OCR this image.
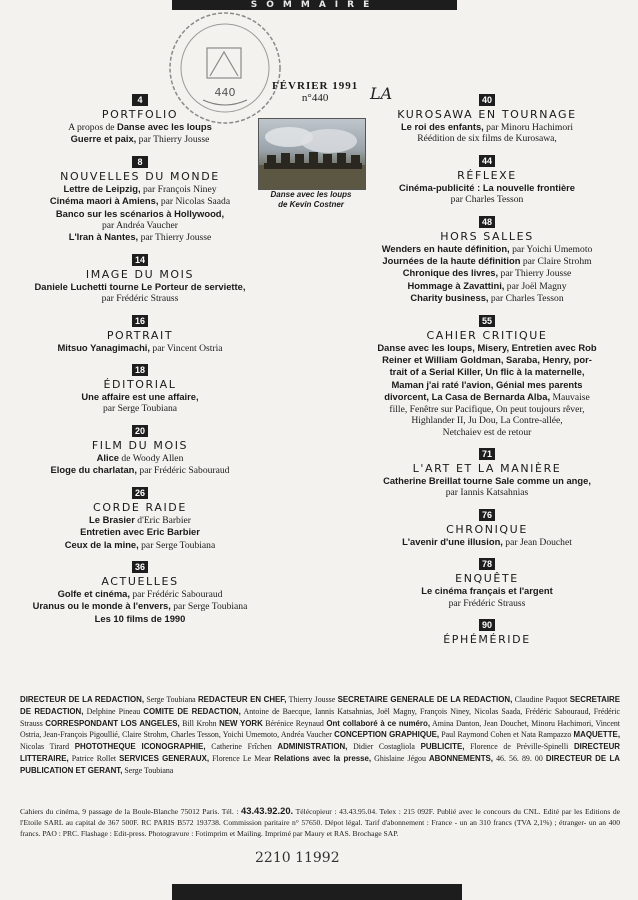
SOMMAIRE
440	FÉVRIER 1991
n°440	LA
Danse avec les loups
de Kevin Costner
4
PORTFOLIO
A propos de Danse avec les loups
Guerre et paix, par Thierry Jousse
8
NOUVELLES DU MONDE
Lettre de Leipzig, par François Niney
Cinéma maori à Amiens, par Nicolas Saada
Banco sur les scénarios à Hollywood,
par Andréa Vaucher
L'Iran à Nantes, par Thierry Jousse
14
IMAGE DU MOIS
Daniele Luchetti tourne Le Porteur de serviette,
par Frédéric Strauss
16
PORTRAIT
Mitsuo Yanagimachi, par Vincent Ostria
18
ÉDITORIAL
Une affaire est une affaire,
par Serge Toubiana
20
FILM DU MOIS
Alice de Woody Allen
Eloge du charlatan, par Frédéric Sabouraud
26
CORDE RAIDE
Le Brasier d'Eric Barbier
Entretien avec Eric Barbier
Ceux de la mine, par Serge Toubiana
36
ACTUELLES
Golfe et cinéma, par Frédéric Sabouraud
Uranus ou le monde à l'envers, par Serge Toubiana
Les 10 films de 1990
40
KUROSAWA EN TOURNAGE
Le roi des enfants, par Minoru Hachimori
Réédition de six films de Kurosawa,
44
RÉFLEXE
Cinéma-publicité : La nouvelle frontière
par Charles Tesson
48
HORS SALLES
Wenders en haute définition, par Yoichi Umemoto
Journées de la haute définition par Claire Strohm
Chronique des livres, par Thierry Jousse
Hommage à Zavattini, par Joël Magny
Charity business, par Charles Tesson
55
CAHIER CRITIQUE
Danse avec les loups, Misery, Entretien avec Rob
Reiner et William Goldman, Saraba, Henry, por-
trait of a Serial Killer, Un flic à la maternelle,
Maman j'ai raté l'avion, Génial mes parents
divorcent, La Casa de Bernarda Alba, Mauvaise
fille, Fenêtre sur Pacifique, On peut toujours rêver,
Highlander II, Ju Dou, La Contre-allée,
Netchaiev est de retour
71
L'ART ET LA MANIÈRE
Catherine Breillat tourne Sale comme un ange,
par Iannis Katsahnias
76
CHRONIQUE
L'avenir d'une illusion, par Jean Douchet
78
ENQUÊTE
Le cinéma français et l'argent
par Frédéric Strauss
90
ÉPHÉMÉRIDE
DIRECTEUR DE LA REDACTION, Serge Toubiana REDACTEUR EN CHEF, Thierry Jousse SECRETAIRE GENERALE DE LA REDACTION, Claudine Paquot SECRETAIRE DE REDACTION, Delphine Pineau COMITE DE REDACTION, Antoine de Baecque, Iannis Katsahnias, Joël Magny, François Niney, Nicolas Saada, Frédéric Sabouraud, Frédéric Strauss CORRESPONDANT LOS ANGELES, Bill Krohn NEW YORK Bérénice Reynaud Ont collaboré à ce numéro, Amina Danton, Jean Douchet, Minoru Hachimori, Vincent Ostria, Jean-François Pigoullié, Claire Strohm, Charles Tesson, Yoichi Umemoto, Andréa Vaucher CONCEPTION GRAPHIQUE, Paul Raymond Cohen et Nata Rampazzo MAQUETTE, Nicolas Tirard PHOTOTHEQUE ICONOGRAPHIE, Catherine Frîchen ADMINISTRATION, Didier Costagliola PUBLICITE, Florence de Préville-Spinelli DIRECTEUR LITTERAIRE, Patrice Rollet SERVICES GENERAUX, Florence Le Mear Relations avec la presse, Ghislaine Jégou ABONNEMENTS, 46. 56. 89. 00 DIRECTEUR DE LA PUBLICATION ET GERANT, Serge Toubiana
Cahiers du cinéma, 9 passage de la Boule-Blanche 75012 Paris. Tél. : 43.43.92.20. Télécopieur : 43.43.95.04. Telex : 215 092F. Publié avec le concours du CNL. Edité par les Editions de l'Etoile SARL au capital de 367 500F. RC PARIS B572 193738. Commission paritaire n° 57650. Dépot légal. Tarif d'abonnement : France - un an 310 francs (TVA 2,1%) ; étranger- un an 400 francs. PAO : PRC. Flashage : Edit-press. Photogravure : Fotimprim et Mailing. Imprimé par Maury et RAS. Brochage SAP.
2210 11992
